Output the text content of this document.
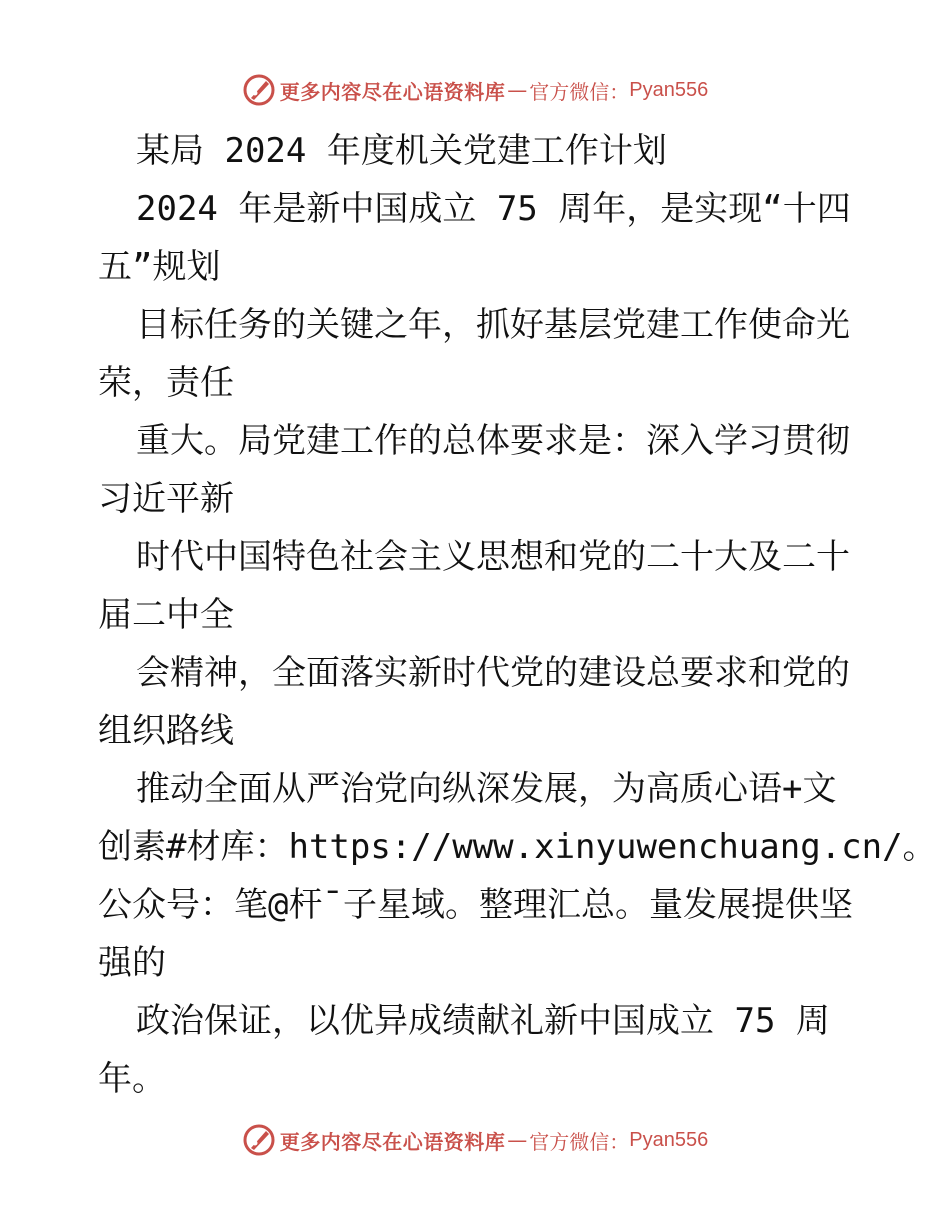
更多内容尽在心语资料库 — 官方微信： Pyan556

某局 2024 年度机关党建工作计划

2024 年是新中国成立 75 周年，是实现“十四

五”规划

目标任务的关键之年，抓好基层党建工作使命光

荣，责任

重大。局党建工作的总体要求是：深入学习贯彻

习近平新

时代中国特色社会主义思想和党的二十大及二十

届二中全

会精神，全面落实新时代党的建设总要求和党的

组织路线

推动全面从严治党向纵深发展，为高质心语+文

创素#材库：https://www.xinyuwenchuang.cn/。

公众号：笔@杆¯子星域。整理汇总。量发展提供坚

强的

政治保证，以优异成绩献礼新中国成立 75 周

年。

更多内容尽在心语资料库 — 官方微信： Pyan556
